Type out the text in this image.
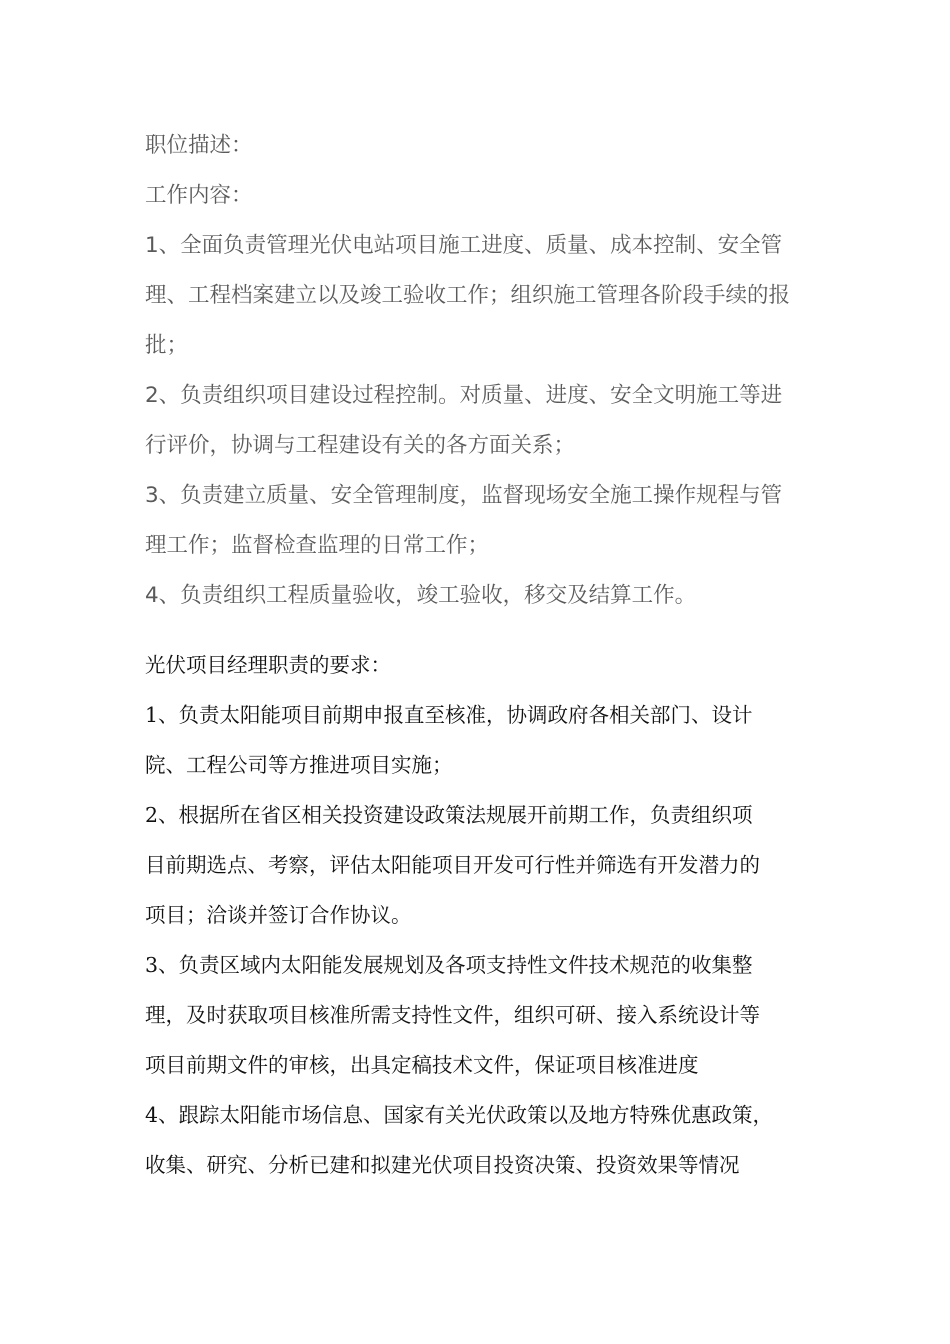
职位描述：
工作内容：
1、全面负责管理光伏电站项目施工进度、质量、成本控制、安全管
理、工程档案建立以及竣工验收工作；组织施工管理各阶段手续的报
批；
2、负责组织项目建设过程控制。对质量、进度、安全文明施工等进
行评价，协调与工程建设有关的各方面关系；
3、负责建立质量、安全管理制度，监督现场安全施工操作规程与管
理工作；监督检查监理的日常工作；
4、负责组织工程质量验收，竣工验收，移交及结算工作。
光伏项目经理职责的要求：
1、负责太阳能项目前期申报直至核准，协调政府各相关部门、设计
院、工程公司等方推进项目实施；
2、根据所在省区相关投资建设政策法规展开前期工作，负责组织项
目前期选点、考察，评估太阳能项目开发可行性并筛选有开发潜力的
项目；洽谈并签订合作协议。
3、负责区域内太阳能发展规划及各项支持性文件技术规范的收集整
理，及时获取项目核准所需支持性文件，组织可研、接入系统设计等
项目前期文件的审核，出具定稿技术文件，保证项目核准进度
4、跟踪太阳能市场信息、国家有关光伏政策以及地方特殊优惠政策，
收集、研究、分析已建和拟建光伏项目投资决策、投资效果等情况
